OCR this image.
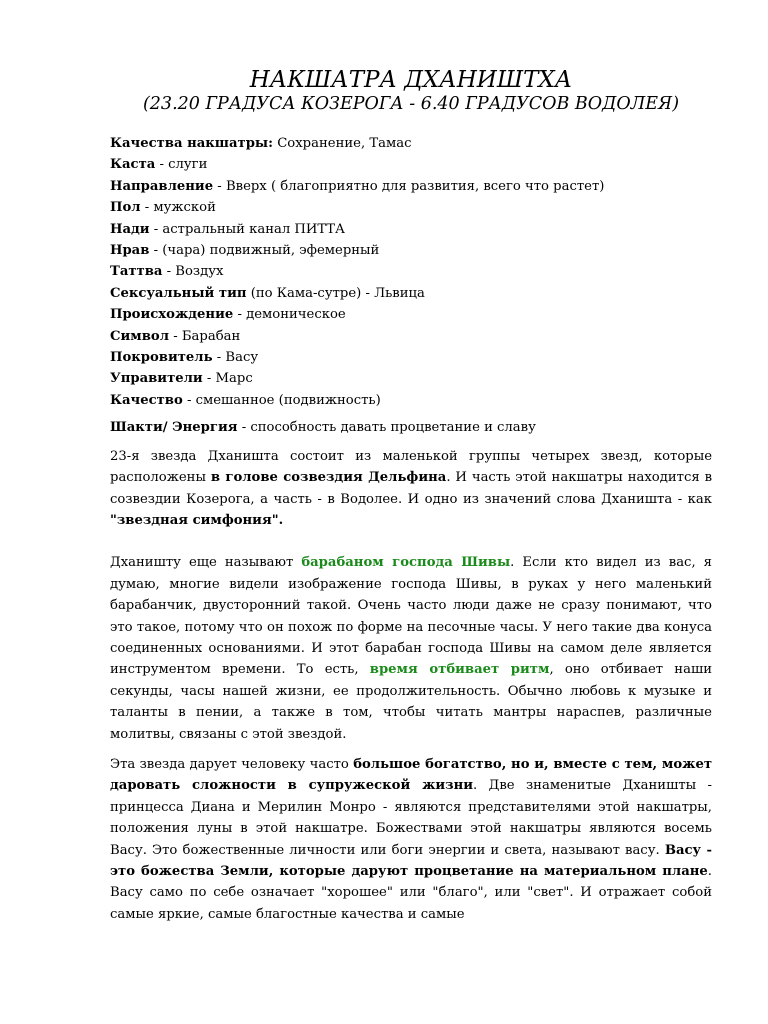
НАКШАТРА ДХАНИШТХА
(23.20 ГРАДУСА КОЗЕРОГА - 6.40 ГРАДУСОВ ВОДОЛЕЯ)
Качества накшатры: Сохранение, Тамас
Каста - слуги
Направление - Вверх ( благоприятно для развития, всего что растет)
Пол - мужской
Нади - астральный канал ПИТТА
Нрав - (чара) подвижный, эфемерный
Таттва - Воздух
Сексуальный тип (по Кама-сутре) - Львица
Происхождение - демоническое
Символ - Барабан
Покровитель - Васу
Управители - Марс
Качество - смешанное (подвижность)
Шакти/ Энергия - способность давать процветание и славу

23-я звезда Дханишта состоит из маленькой группы четырех звезд, которые расположены в голове созвездия Дельфина. И часть этой накшатры находится в созвездии Козерога, а часть - в Водолее. И одно из значений слова Дханишта - как "звездная симфония".

Дханишту еще называют барабаном господа Шивы. Если кто видел из вас, я думаю, многие видели изображение господа Шивы, в руках у него маленький барабанчик, двусторонний такой. Очень часто люди даже не сразу понимают, что это такое, потому что он похож по форме на песочные часы. У него такие два конуса соединенных основаниями. И этот барабан господа Шивы на самом деле является инструментом времени. То есть, время отбивает ритм, оно отбивает наши секунды, часы нашей жизни, ее продолжительность. Обычно любовь к музыке и таланты в пении, а также в том, чтобы читать мантры нараспев, различные молитвы, связаны с этой звездой.

Эта звезда дарует человеку часто большое богатство, но и, вместе с тем, может даровать сложности в супружеской жизни. Две знаменитые Дханишты - принцесса Диана и Мерилин Монро - являются представителями этой накшатры, положения луны в этой накшатре. Божествами этой накшатры являются восемь Васу. Это божественные личности или боги энергии и света, называют васу. Васу - это божества Земли, которые даруют процветание на материальном плане. Васу само по себе означает "хорошее" или "благо", или "свет". И отражает собой самые яркие, самые благостные качества и самые
